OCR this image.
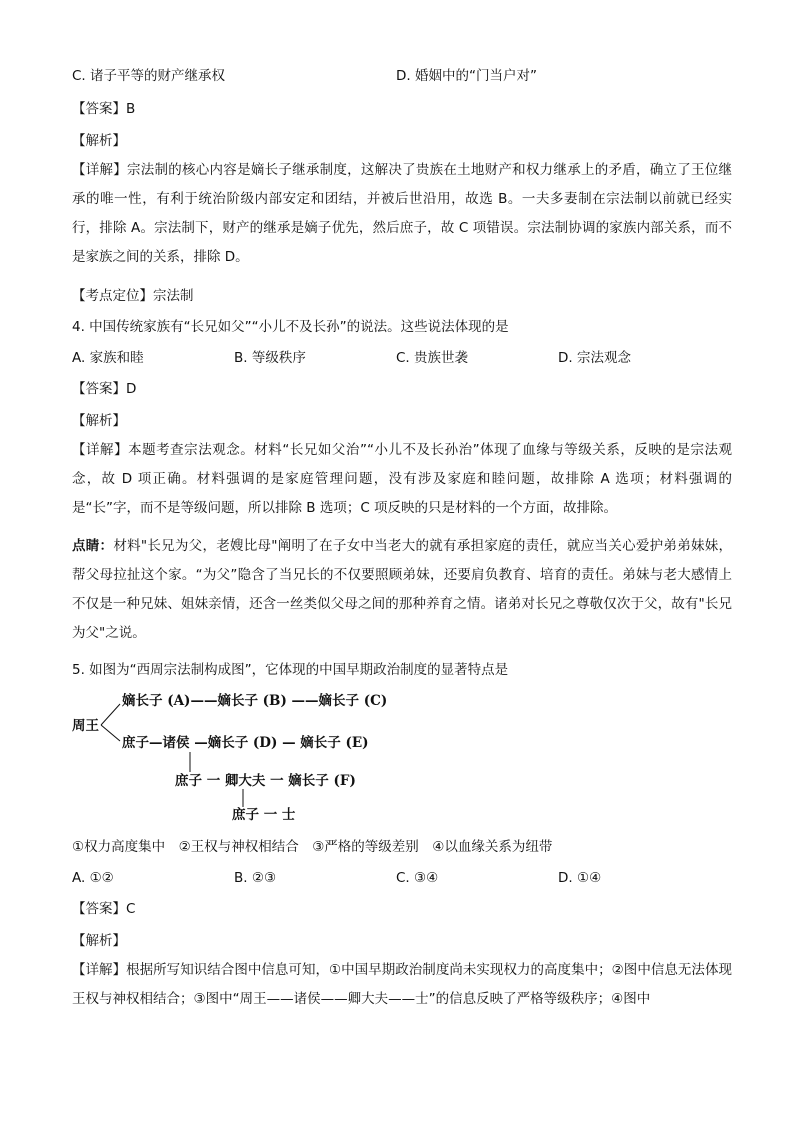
C. 诸子平等的财产继承权	D. 婚姻中的“门当户对”
【答案】B
【解析】
【详解】宗法制的核心内容是嫡长子继承制度，这解决了贵族在土地财产和权力继承上的矛盾，确立了王位继承的唯一性，有利于统治阶级内部安定和团结，并被后世沿用，故选 B。一夫多妻制在宗法制以前就已经实行，排除 A。宗法制下，财产的继承是嫡子优先，然后庶子，故 C 项错误。宗法制协调的家族内部关系，而不是家族之间的关系，排除 D。
【考点定位】宗法制
4. 中国传统家族有“长兄如父”“小儿不及长孙”的说法。这些说法体现的是
A. 家族和睦	B. 等级秩序	C. 贵族世袭	D. 宗法观念
【答案】D
【解析】
【详解】本题考查宗法观念。材料“长兄如父治”“小儿不及长孙治”体现了血缘与等级关系，反映的是宗法观念，故 D 项正确。材料强调的是家庭管理问题，没有涉及家庭和睦问题，故排除 A 选项；材料强调的是“长”字，而不是等级问题，所以排除 B 选项；C 项反映的只是材料的一个方面，故排除。
点睛：材料"长兄为父，老嫂比母"阐明了在子女中当老大的就有承担家庭的责任，就应当关心爱护弟弟妹妹，帮父母拉扯这个家。“为父”隐含了当兄长的不仅要照顾弟妹，还要肩负教育、培育的责任。弟妹与老大感情上不仅是一种兄妹、姐妹亲情，还含一丝类似父母之间的那种养育之情。诸弟对长兄之尊敬仅次于父，故有"长兄为父"之说。
5. 如图为“西周宗法制构成图”，它体现的中国早期政治制度的显著特点是
周王
嫡长子 (A)——嫡长子 (B) ——嫡长子 (C)
庶子—诸侯 —嫡长子 (D) — 嫡长子 (E)
庶子 一 卿大夫 一 嫡长子 (F)
庶子 一 士
①权力高度集中　②王权与神权相结合　③严格的等级差别　④以血缘关系为纽带
A. ①②	B. ②③	C. ③④	D. ①④
【答案】C
【解析】
【详解】根据所写知识结合图中信息可知，①中国早期政治制度尚未实现权力的高度集中；②图中信息无法体现王权与神权相结合；③图中“周王——诸侯——卿大夫——士”的信息反映了严格等级秩序；④图中
